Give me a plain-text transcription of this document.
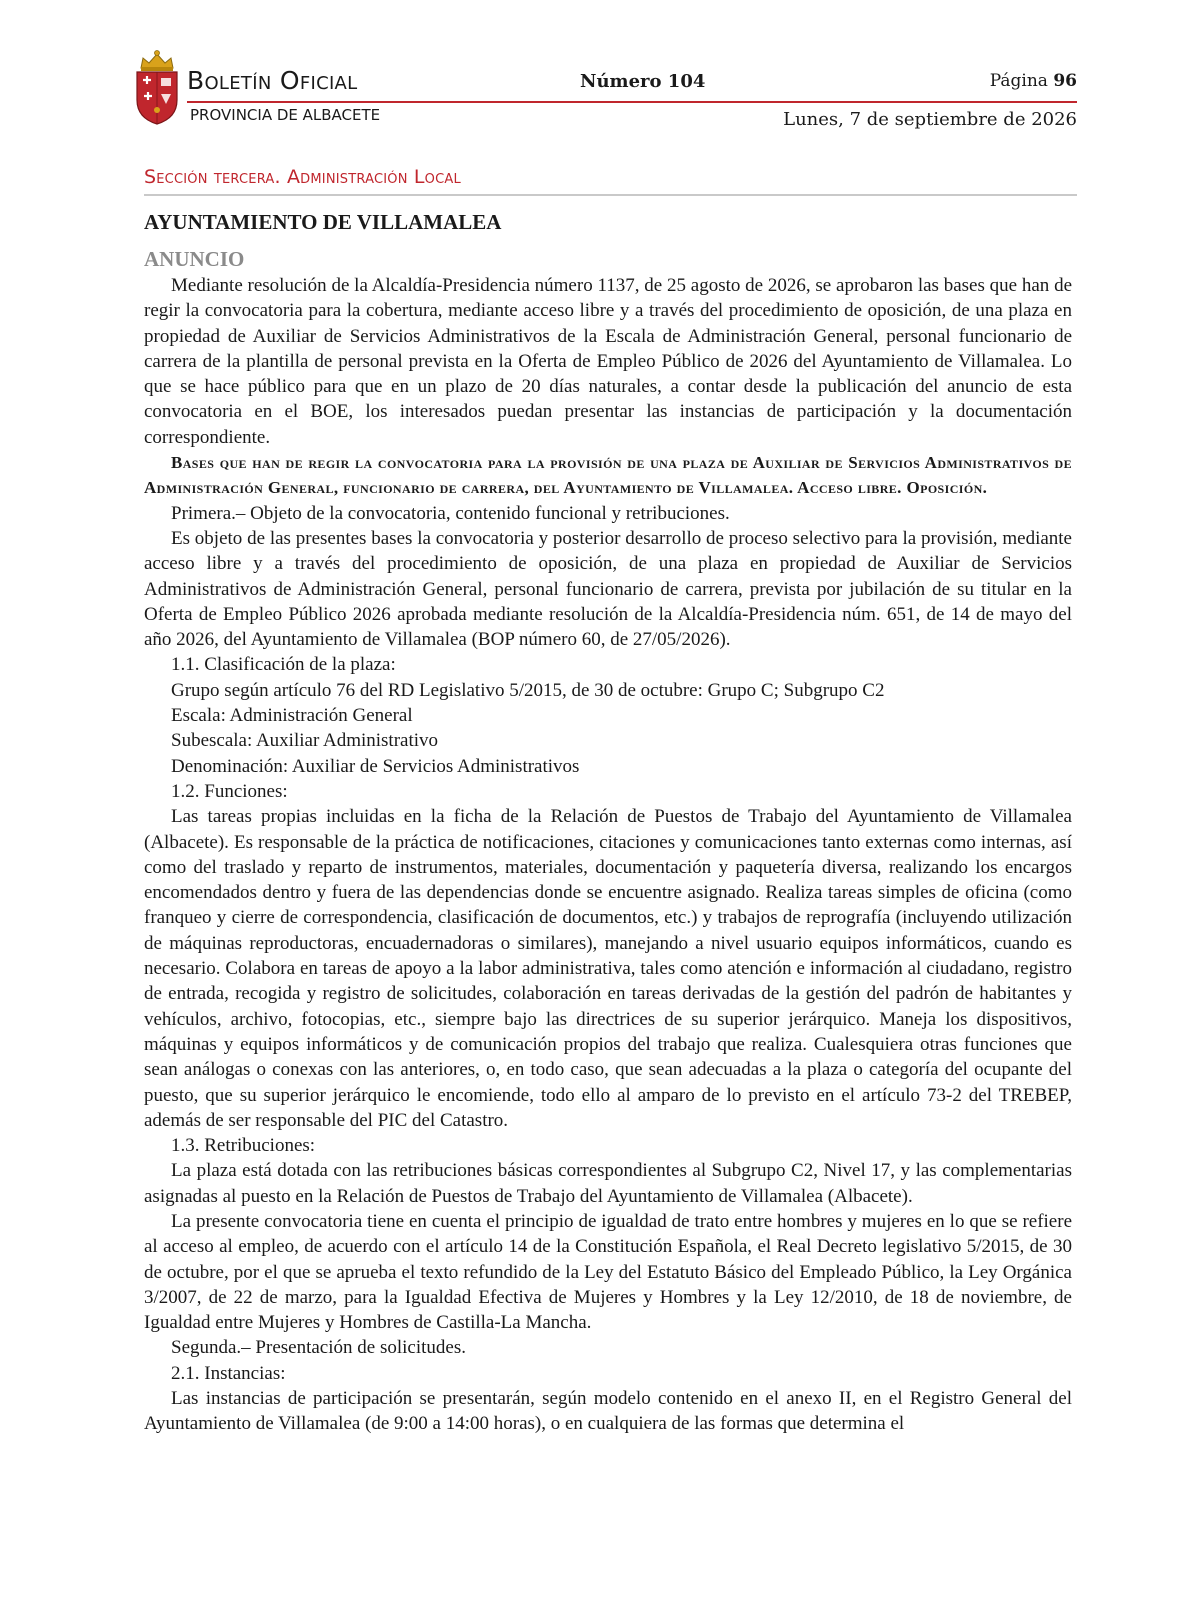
Boletín Oficial
PROVINCIA DE ALBACETE
Número 104	Página 96
Lunes, 7 de septiembre de 2026
Sección tercera. Administración Local
AYUNTAMIENTO DE VILLAMALEA
ANUNCIO

Mediante resolución de la Alcaldía-Presidencia número 1137, de 25 agosto de 2026, se aprobaron las bases que han de regir la convocatoria para la cobertura, mediante acceso libre y a través del procedimiento de oposición, de una plaza en propiedad de Auxiliar de Servicios Administrativos de la Escala de Administración General, personal funcionario de carrera de la plantilla de personal prevista en la Oferta de Empleo Público de 2026 del Ayuntamiento de Villamalea. Lo que se hace público para que en un plazo de 20 días naturales, a contar desde la publicación del anuncio de esta convocatoria en el BOE, los interesados puedan presentar las instancias de participación y la documentación correspondiente.

Bases que han de regir la convocatoria para la provisión de una plaza de Auxiliar de Servicios Administrativos de Administración General, funcionario de carrera, del Ayuntamiento de Villamalea. Acceso libre. Oposición.

Primera.– Objeto de la convocatoria, contenido funcional y retribuciones.

Es objeto de las presentes bases la convocatoria y posterior desarrollo de proceso selectivo para la provisión, mediante acceso libre y a través del procedimiento de oposición, de una plaza en propiedad de Auxiliar de Servicios Administrativos de Administración General, personal funcionario de carrera, prevista por jubilación de su titular en la Oferta de Empleo Público 2026 aprobada mediante resolución de la Alcaldía-Presidencia núm. 651, de 14 de mayo del año 2026, del Ayuntamiento de Villamalea (BOP número 60, de 27/05/2026).

1.1. Clasificación de la plaza:

Grupo según artículo 76 del RD Legislativo 5/2015, de 30 de octubre: Grupo C; Subgrupo C2

Escala: Administración General

Subescala: Auxiliar Administrativo

Denominación: Auxiliar de Servicios Administrativos

1.2. Funciones:

Las tareas propias incluidas en la ficha de la Relación de Puestos de Trabajo del Ayuntamiento de Villamalea (Albacete). Es responsable de la práctica de notificaciones, citaciones y comunicaciones tanto externas como internas, así como del traslado y reparto de instrumentos, materiales, documentación y paquetería diversa, realizando los encargos encomendados dentro y fuera de las dependencias donde se encuentre asignado. Realiza tareas simples de oficina (como franqueo y cierre de correspondencia, clasificación de documentos, etc.) y trabajos de reprografía (incluyendo utilización de máquinas reproductoras, encuadernadoras o similares), manejando a nivel usuario equipos informáticos, cuando es necesario. Colabora en tareas de apoyo a la labor administrativa, tales como atención e información al ciudadano, registro de entrada, recogida y registro de solicitudes, colaboración en tareas derivadas de la gestión del padrón de habitantes y vehículos, archivo, fotocopias, etc., siempre bajo las directrices de su superior jerárquico. Maneja los dispositivos, máquinas y equipos informáticos y de comunicación propios del trabajo que realiza. Cualesquiera otras funciones que sean análogas o conexas con las anteriores, o, en todo caso, que sean adecuadas a la plaza o categoría del ocupante del puesto, que su superior jerárquico le encomiende, todo ello al amparo de lo previsto en el artículo 73-2 del TREBEP, además de ser responsable del PIC del Catastro.

1.3. Retribuciones:

La plaza está dotada con las retribuciones básicas correspondientes al Subgrupo C2, Nivel 17, y las complementarias asignadas al puesto en la Relación de Puestos de Trabajo del Ayuntamiento de Villamalea (Albacete).

La presente convocatoria tiene en cuenta el principio de igualdad de trato entre hombres y mujeres en lo que se refiere al acceso al empleo, de acuerdo con el artículo 14 de la Constitución Española, el Real Decreto legislativo 5/2015, de 30 de octubre, por el que se aprueba el texto refundido de la Ley del Estatuto Básico del Empleado Público, la Ley Orgánica 3/2007, de 22 de marzo, para la Igualdad Efectiva de Mujeres y Hombres y la Ley 12/2010, de 18 de noviembre, de Igualdad entre Mujeres y Hombres de Castilla-La Mancha.

Segunda.– Presentación de solicitudes.

2.1. Instancias:

Las instancias de participación se presentarán, según modelo contenido en el anexo II, en el Registro General del Ayuntamiento de Villamalea (de 9:00 a 14:00 horas), o en cualquiera de las formas que determina el
